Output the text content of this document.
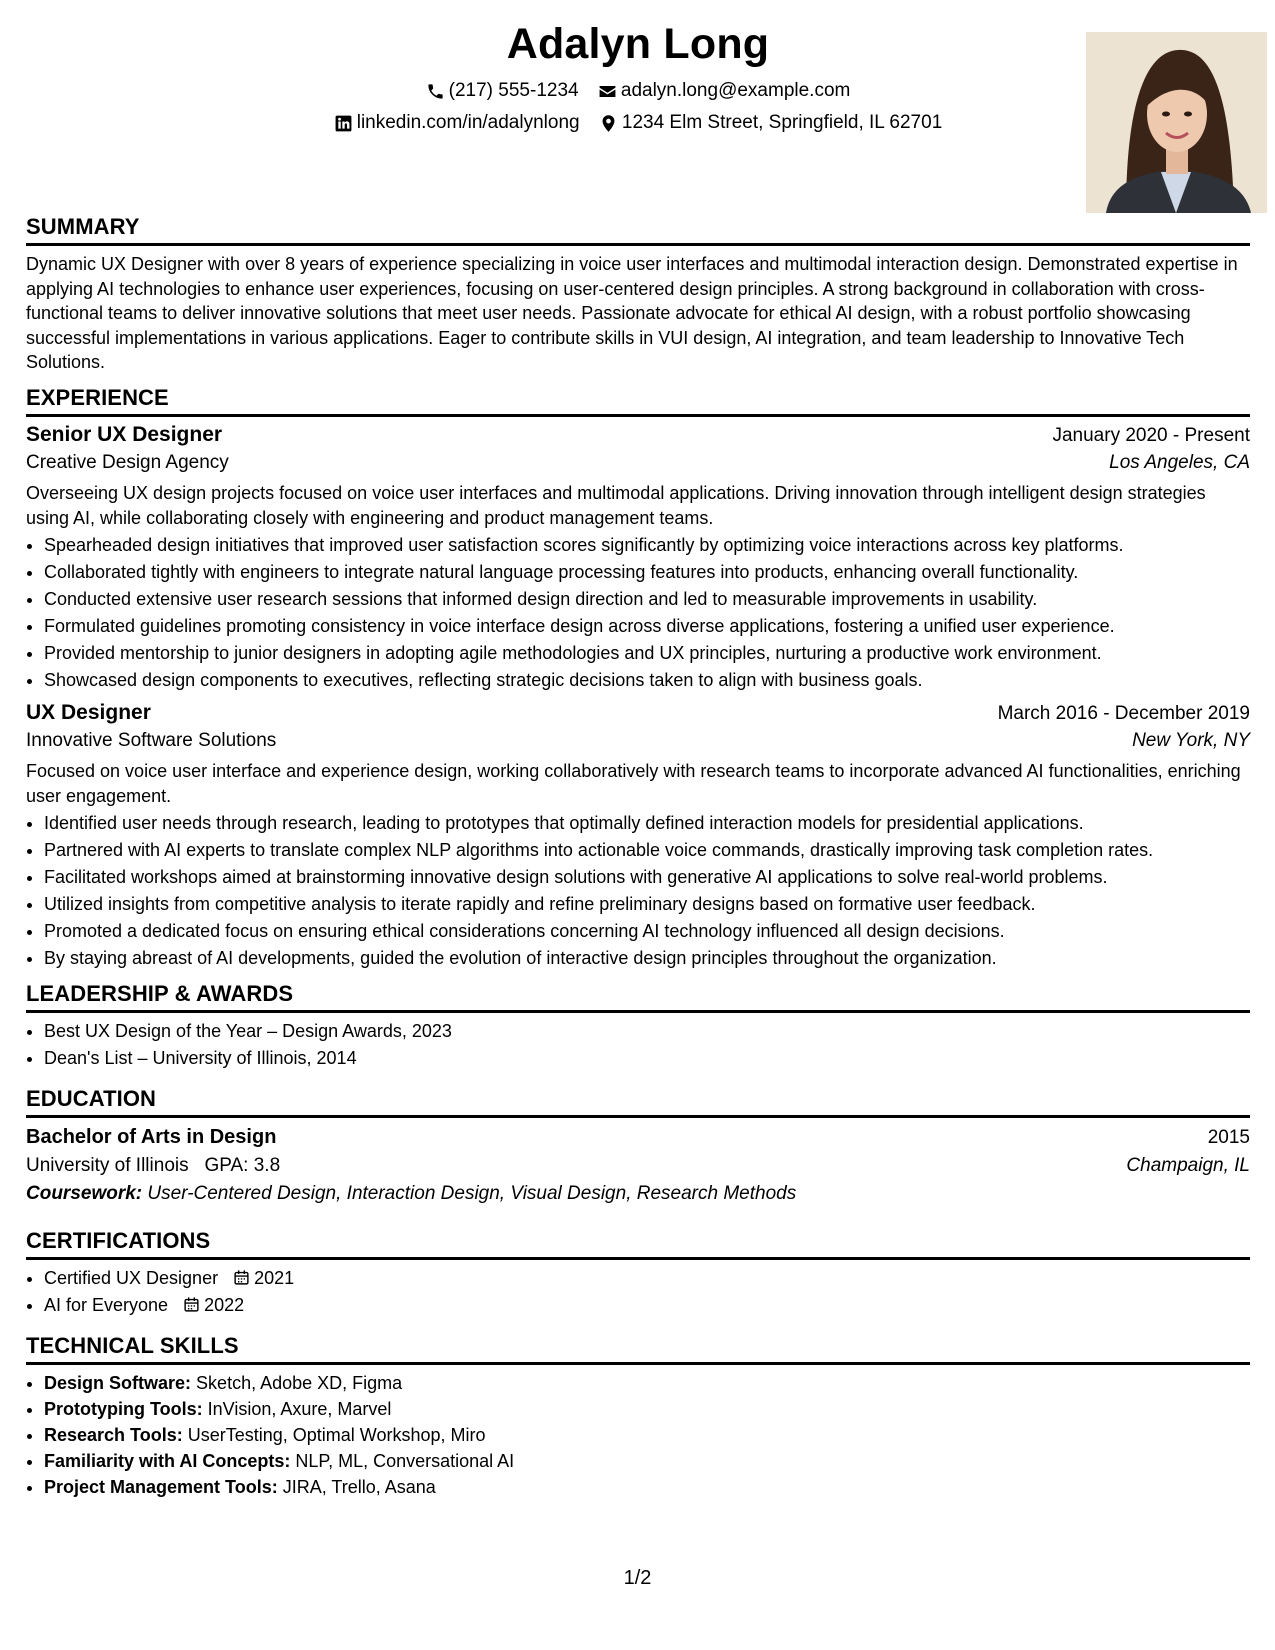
Adalyn Long
(217) 555-1234
adalyn.long@example.com
linkedin.com/in/adalynlong
1234 Elm Street, Springfield, IL 62701
SUMMARY

Dynamic UX Designer with over 8 years of experience specializing in voice user interfaces and multimodal interaction design. Demonstrated expertise in applying AI technologies to enhance user experiences, focusing on user-centered design principles. A strong background in collaboration with cross-functional teams to deliver innovative solutions that meet user needs. Passionate advocate for ethical AI design, with a robust portfolio showcasing successful implementations in various applications. Eager to contribute skills in VUI design, AI integration, and team leadership to Innovative Tech Solutions.

EXPERIENCE
Senior UX Designer	January 2020 - Present
Creative Design Agency	Los Angeles, CA

Overseeing UX design projects focused on voice user interfaces and multimodal applications. Driving innovation through intelligent design strategies using AI, while collaborating closely with engineering and product management teams.

• Spearheaded design initiatives that improved user satisfaction scores significantly by optimizing voice interactions across key platforms.
• Collaborated tightly with engineers to integrate natural language processing features into products, enhancing overall functionality.
• Conducted extensive user research sessions that informed design direction and led to measurable improvements in usability.
• Formulated guidelines promoting consistency in voice interface design across diverse applications, fostering a unified user experience.
• Provided mentorship to junior designers in adopting agile methodologies and UX principles, nurturing a productive work environment.
• Showcased design components to executives, reflecting strategic decisions taken to align with business goals.
UX Designer	March 2016 - December 2019
Innovative Software Solutions	New York, NY

Focused on voice user interface and experience design, working collaboratively with research teams to incorporate advanced AI functionalities, enriching user engagement.

• Identified user needs through research, leading to prototypes that optimally defined interaction models for presidential applications.
• Partnered with AI experts to translate complex NLP algorithms into actionable voice commands, drastically improving task completion rates.
• Facilitated workshops aimed at brainstorming innovative design solutions with generative AI applications to solve real-world problems.
• Utilized insights from competitive analysis to iterate rapidly and refine preliminary designs based on formative user feedback.
• Promoted a dedicated focus on ensuring ethical considerations concerning AI technology influenced all design decisions.
• By staying abreast of AI developments, guided the evolution of interactive design principles throughout the organization.
LEADERSHIP & AWARDS
• Best UX Design of the Year – Design Awards, 2023
• Dean's List – University of Illinois, 2014
EDUCATION
Bachelor of Arts in Design	2015
University of Illinois GPA: 3.8	Champaign, IL
Coursework: User-Centered Design, Interaction Design, Visual Design, Research Methods
CERTIFICATIONS
• Certified UX Designer 2021
• AI for Everyone 2022
TECHNICAL SKILLS
• Design Software: Sketch, Adobe XD, Figma
• Prototyping Tools: InVision, Axure, Marvel
• Research Tools: UserTesting, Optimal Workshop, Miro
• Familiarity with AI Concepts: NLP, ML, Conversational AI
• Project Management Tools: JIRA, Trello, Asana
1/2
